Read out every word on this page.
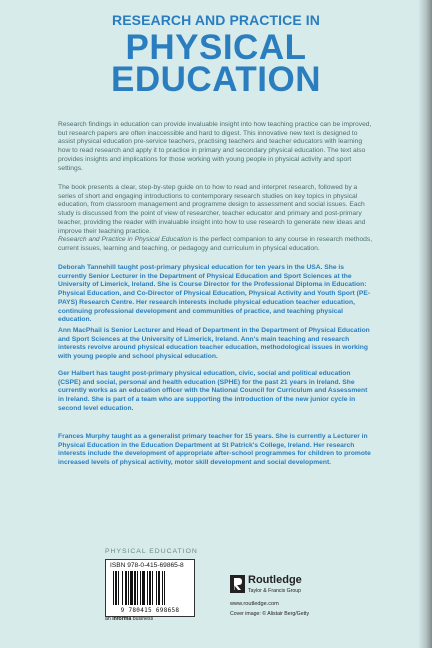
RESEARCH AND PRACTICE IN
PHYSICAL
EDUCATION

Research findings in education can provide invaluable insight into how teaching practice can be improved, but research papers are often inaccessible and hard to digest. This innovative new text is designed to assist physical education pre-service teachers, practising teachers and teacher educators with learning how to read research and apply it to practice in primary and secondary physical education. The text also provides insights and implications for those working with young people in physical activity and sport settings.

The book presents a clear, step-by-step guide on to how to read and interpret research, followed by a series of short and engaging introductions to contemporary research studies on key topics in physical education, from classroom management and programme design to assessment and social issues. Each study is discussed from the point of view of researcher, teacher educator and primary and post-primary teacher, providing the reader with invaluable insight into how to use research to generate new ideas and improve their teaching practice.

Research and Practice in Physical Education is the perfect companion to any course in research methods, current issues, learning and teaching, or pedagogy and curriculum in physical education.

Deborah Tannehill taught post-primary physical education for ten years in the USA. She is currently Senior Lecturer in the Department of Physical Education and Sport Sciences at the University of Limerick, Ireland. She is Course Director for the Professional Diploma in Education: Physical Education, and Co-Director of Physical Education, Physical Activity and Youth Sport (PE-PAYS) Research Centre. Her research interests include physical education teacher education, continuing professional development and communities of practice, and teaching physical education.

Ann MacPhail is Senior Lecturer and Head of Department in the Department of Physical Education and Sport Sciences at the University of Limerick, Ireland. Ann's main teaching and research interests revolve around physical education teacher education, methodological issues in working with young people and school physical education.

Ger Halbert has taught post-primary physical education, civic, social and political education (CSPE) and social, personal and health education (SPHE) for the past 21 years in Ireland. She currently works as an education officer with the National Council for Curriculum and Assessment in Ireland. She is part of a team who are supporting the introduction of the new junior cycle in second level education.

Frances Murphy taught as a generalist primary teacher for 15 years. She is currently a Lecturer in Physical Education in the Education Department at St Patrick's College, Ireland. Her research interests include the development of appropriate after-school programmes for children to promote increased levels of physical activity, motor skill development and social development.

PHYSICAL EDUCATION
ISBN 978-0-415-69865-8
9 780415 698658
an informa business
Routledge
Taylor & Francis Group
www.routledge.com
Cover image: © Alistair Berg/Getty
